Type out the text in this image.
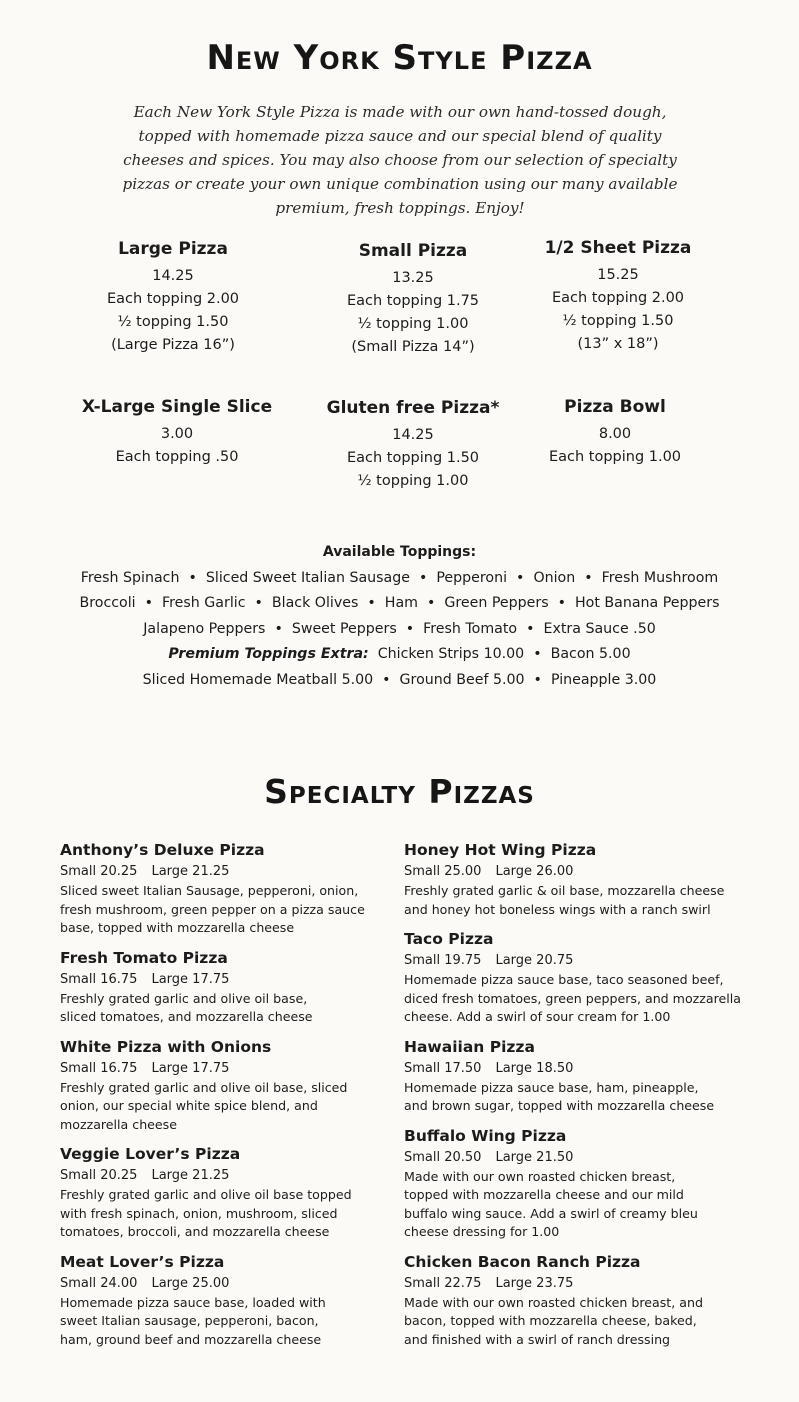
New York Style Pizza
Each New York Style Pizza is made with our own hand-tossed dough,
topped with homemade pizza sauce and our special blend of quality
cheeses and spices. You may also choose from our selection of specialty
pizzas or create your own unique combination using our many available
premium, fresh toppings. Enjoy!
Large Pizza
14.25
Each topping 2.00
½ topping 1.50
(Large Pizza 16”)
Small Pizza
13.25
Each topping 1.75
½ topping 1.00
(Small Pizza 14”)
1/2 Sheet Pizza
15.25
Each topping 2.00
½ topping 1.50
(13” x 18”)
X-Large Single Slice
3.00
Each topping .50
Gluten free Pizza*
14.25
Each topping 1.50
½ topping 1.00
Pizza Bowl
8.00
Each topping 1.00
Available Toppings:
Fresh Spinach  •  Sliced Sweet Italian Sausage  •  Pepperoni  •  Onion  •  Fresh Mushroom
Broccoli  •  Fresh Garlic  •  Black Olives  •  Ham  •  Green Peppers  •  Hot Banana Peppers
Jalapeno Peppers  •  Sweet Peppers  •  Fresh Tomato  •  Extra Sauce .50
Premium Toppings Extra: Chicken Strips 10.00  •  Bacon 5.00
Sliced Homemade Meatball 5.00  •  Ground Beef 5.00  •  Pineapple 3.00
Specialty Pizzas
Anthony’s Deluxe Pizza
Small 20.25 Large 21.25
Sliced sweet Italian Sausage, pepperoni, onion,
fresh mushroom, green pepper on a pizza sauce
base, topped with mozzarella cheese
Fresh Tomato Pizza
Small 16.75 Large 17.75
Freshly grated garlic and olive oil base,
sliced tomatoes, and mozzarella cheese
White Pizza with Onions
Small 16.75 Large 17.75
Freshly grated garlic and olive oil base, sliced
onion, our special white spice blend, and
mozzarella cheese
Veggie Lover’s Pizza
Small 20.25 Large 21.25
Freshly grated garlic and olive oil base topped
with fresh spinach, onion, mushroom, sliced
tomatoes, broccoli, and mozzarella cheese
Meat Lover’s Pizza
Small 24.00 Large 25.00
Homemade pizza sauce base, loaded with
sweet Italian sausage, pepperoni, bacon,
ham, ground beef and mozzarella cheese
Honey Hot Wing Pizza
Small 25.00 Large 26.00
Freshly grated garlic & oil base, mozzarella cheese
and honey hot boneless wings with a ranch swirl
Taco Pizza
Small 19.75 Large 20.75
Homemade pizza sauce base, taco seasoned beef,
diced fresh tomatoes, green peppers, and mozzarella
cheese. Add a swirl of sour cream for 1.00
Hawaiian Pizza
Small 17.50 Large 18.50
Homemade pizza sauce base, ham, pineapple,
and brown sugar, topped with mozzarella cheese
Buffalo Wing Pizza
Small 20.50 Large 21.50
Made with our own roasted chicken breast,
topped with mozzarella cheese and our mild
buffalo wing sauce. Add a swirl of creamy bleu
cheese dressing for 1.00
Chicken Bacon Ranch Pizza
Small 22.75 Large 23.75
Made with our own roasted chicken breast, and
bacon, topped with mozzarella cheese, baked,
and finished with a swirl of ranch dressing
